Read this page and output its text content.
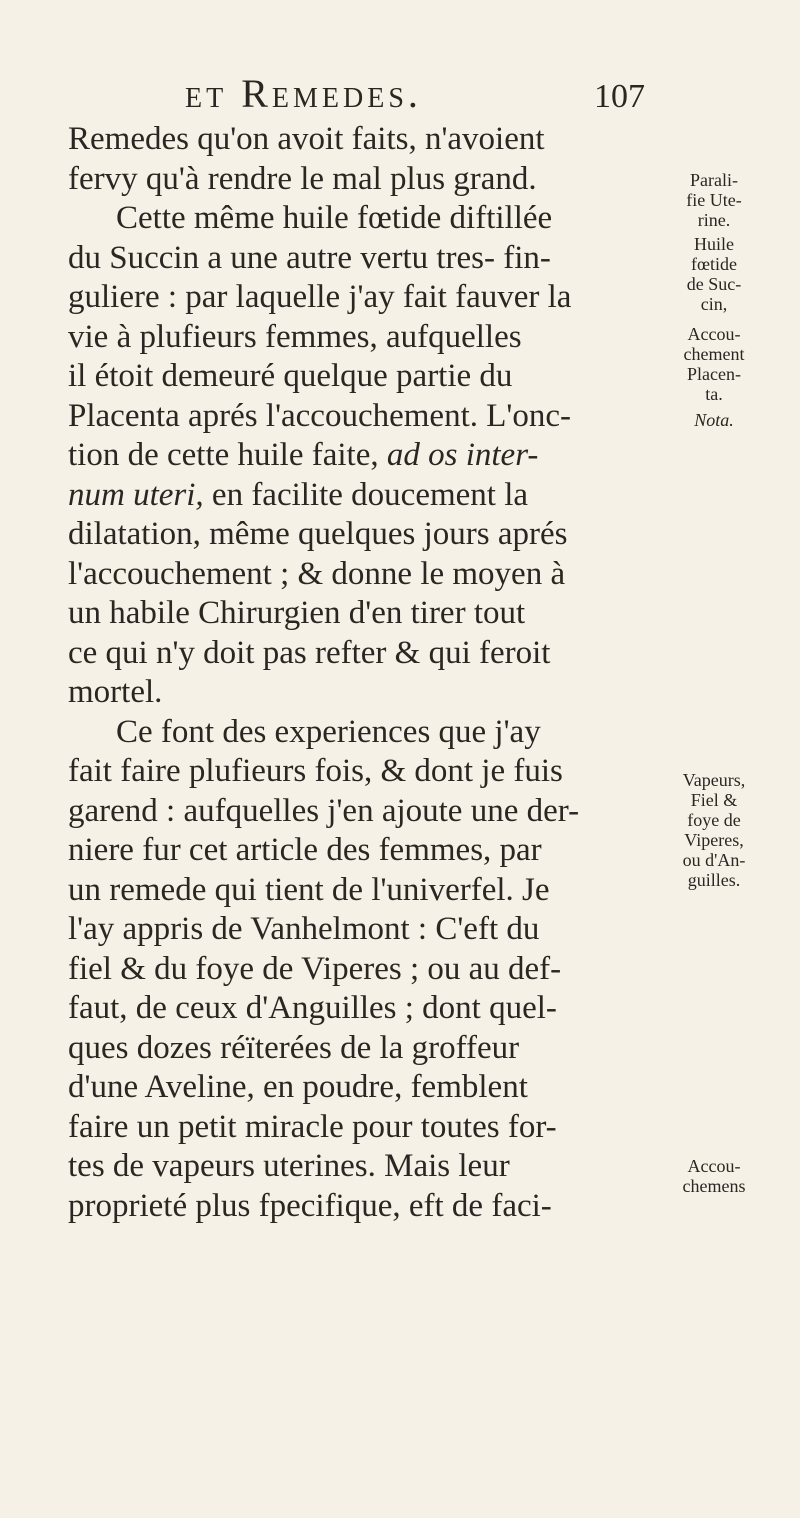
et Remedes.	107
Remedes qu'on avoit faits, n'avoient
fervy qu'à rendre le mal plus grand.
Cette même huile fœtide diftillée
du Succin a une autre vertu tres- fin-
guliere : par laquelle j'ay fait fauver la
vie à plufieurs femmes, aufquelles
il étoit demeuré quelque partie du
Placenta aprés l'accouchement. L'onc-
tion de cette huile faite, ad os inter-
num uteri, en facilite doucement la
dilatation, même quelques jours aprés
l'accouchement ; & donne le moyen à
un habile Chirurgien d'en tirer tout
ce qui n'y doit pas refter & qui feroit
mortel.
Ce font des experiences que j'ay
fait faire plufieurs fois, & dont je fuis
garend : aufquelles j'en ajoute une der-
niere fur cet article des femmes, par
un remede qui tient de l'univerfel. Je
l'ay appris de Vanhelmont : C'eft du
fiel & du foye de Viperes ; ou au def-
faut, de ceux d'Anguilles ; dont quel-
ques dozes réïterées de la groffeur
d'une Aveline, en poudre, femblent
faire un petit miracle pour toutes for-
tes de vapeurs uterines. Mais leur
proprieté plus fpecifique, eft de faci-
Parali-
fie Ute-
rine.
Huile
fœtide
de Suc-
cin,
Accou-
chement
Placen-
ta.
Nota.
Vapeurs,
Fiel &
foye de
Viperes,
ou d'An-
guilles.
Accou-
chemens
